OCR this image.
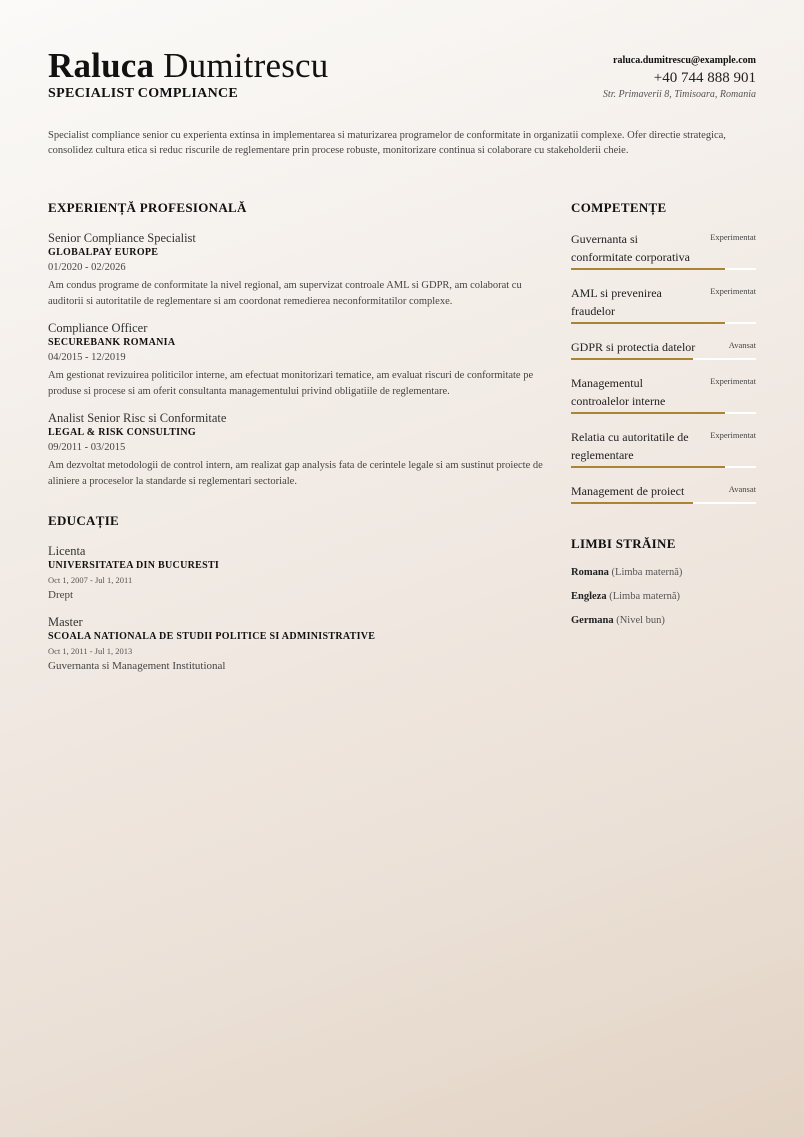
Raluca Dumitrescu
SPECIALIST COMPLIANCE
raluca.dumitrescu@example.com
+40 744 888 901
Str. Primaverii 8, Timisoara, Romania
Specialist compliance senior cu experienta extinsa in implementarea si maturizarea programelor de conformitate in organizatii complexe. Ofer directie strategica, consolidez cultura etica si reduc riscurile de reglementare prin procese robuste, monitorizare continua si colaborare cu stakeholderii cheie.
EXPERIENȚĂ PROFESIONALĂ
Senior Compliance Specialist
GLOBALPAY EUROPE
01/2020 - 02/2026
Am condus programe de conformitate la nivel regional, am supervizat controale AML si GDPR, am colaborat cu auditorii si autoritatile de reglementare si am coordonat remedierea neconformitatilor complexe.
Compliance Officer
SECUREBANK ROMANIA
04/2015 - 12/2019
Am gestionat revizuirea politicilor interne, am efectuat monitorizari tematice, am evaluat riscuri de conformitate pe produse si procese si am oferit consultanta managementului privind obligatiile de reglementare.
Analist Senior Risc si Conformitate
LEGAL & RISK CONSULTING
09/2011 - 03/2015
Am dezvoltat metodologii de control intern, am realizat gap analysis fata de cerintele legale si am sustinut proiecte de aliniere a proceselor la standarde si reglementari sectoriale.
EDUCAȚIE
Licenta
UNIVERSITATEA DIN BUCURESTI
Oct 1, 2007 - Jul 1, 2011
Drept
Master
SCOALA NATIONALA DE STUDII POLITICE SI ADMINISTRATIVE
Oct 1, 2011 - Jul 1, 2013
Guvernanta si Management Institutional
COMPETENȚE
Guvernanta si conformitate corporativa
Experimentat
AML si prevenirea fraudelor
Experimentat
GDPR si protectia datelor	Avansat
Managementul controalelor interne
Experimentat
Relatia cu autoritatile de reglementare
Experimentat
Management de proiect	Avansat
LIMBI STRĂINE
Romana (Limba maternă)
Engleza (Limba maternă)
Germana (Nivel bun)
